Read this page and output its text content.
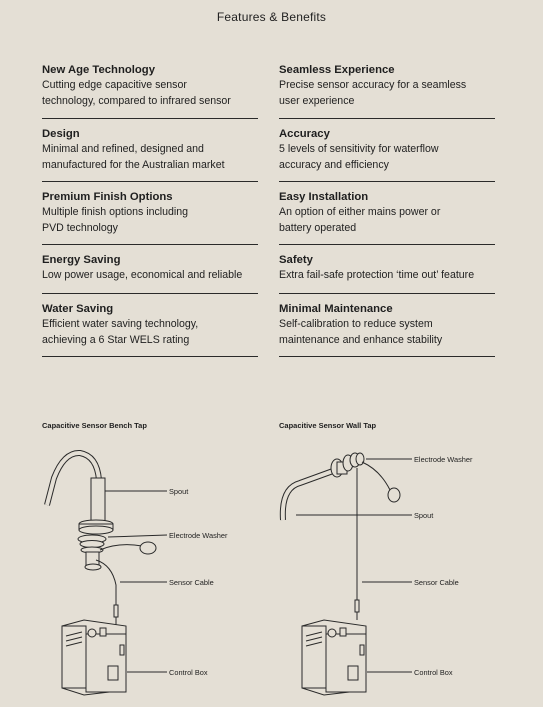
Features & Benefits
New Age Technology
Cutting edge capacitive sensor
technology, compared to infrared sensor
Design
Minimal and refined, designed and
manufactured for the Australian market
Premium Finish Options
Multiple finish options including
PVD technology
Energy Saving
Low power usage, economical and reliable
Water Saving
Efficient water saving technology,
achieving a 6 Star WELS rating
Seamless Experience
Precise sensor accuracy for a seamless
user experience
Accuracy
5 levels of sensitivity for waterflow
accuracy and efficiency
Easy Installation
An option of either mains power or
battery operated
Safety
Extra fail-safe protection ‘time out’ feature
Minimal Maintenance
Self-calibration to reduce system
maintenance and enhance stability
Capacitive Sensor Bench Tap	Capacitive Sensor Wall Tap
Spout
Electrode Washer
Sensor Cable
Control Box
Electrode Washer
Spout
Sensor Cable
Control Box
